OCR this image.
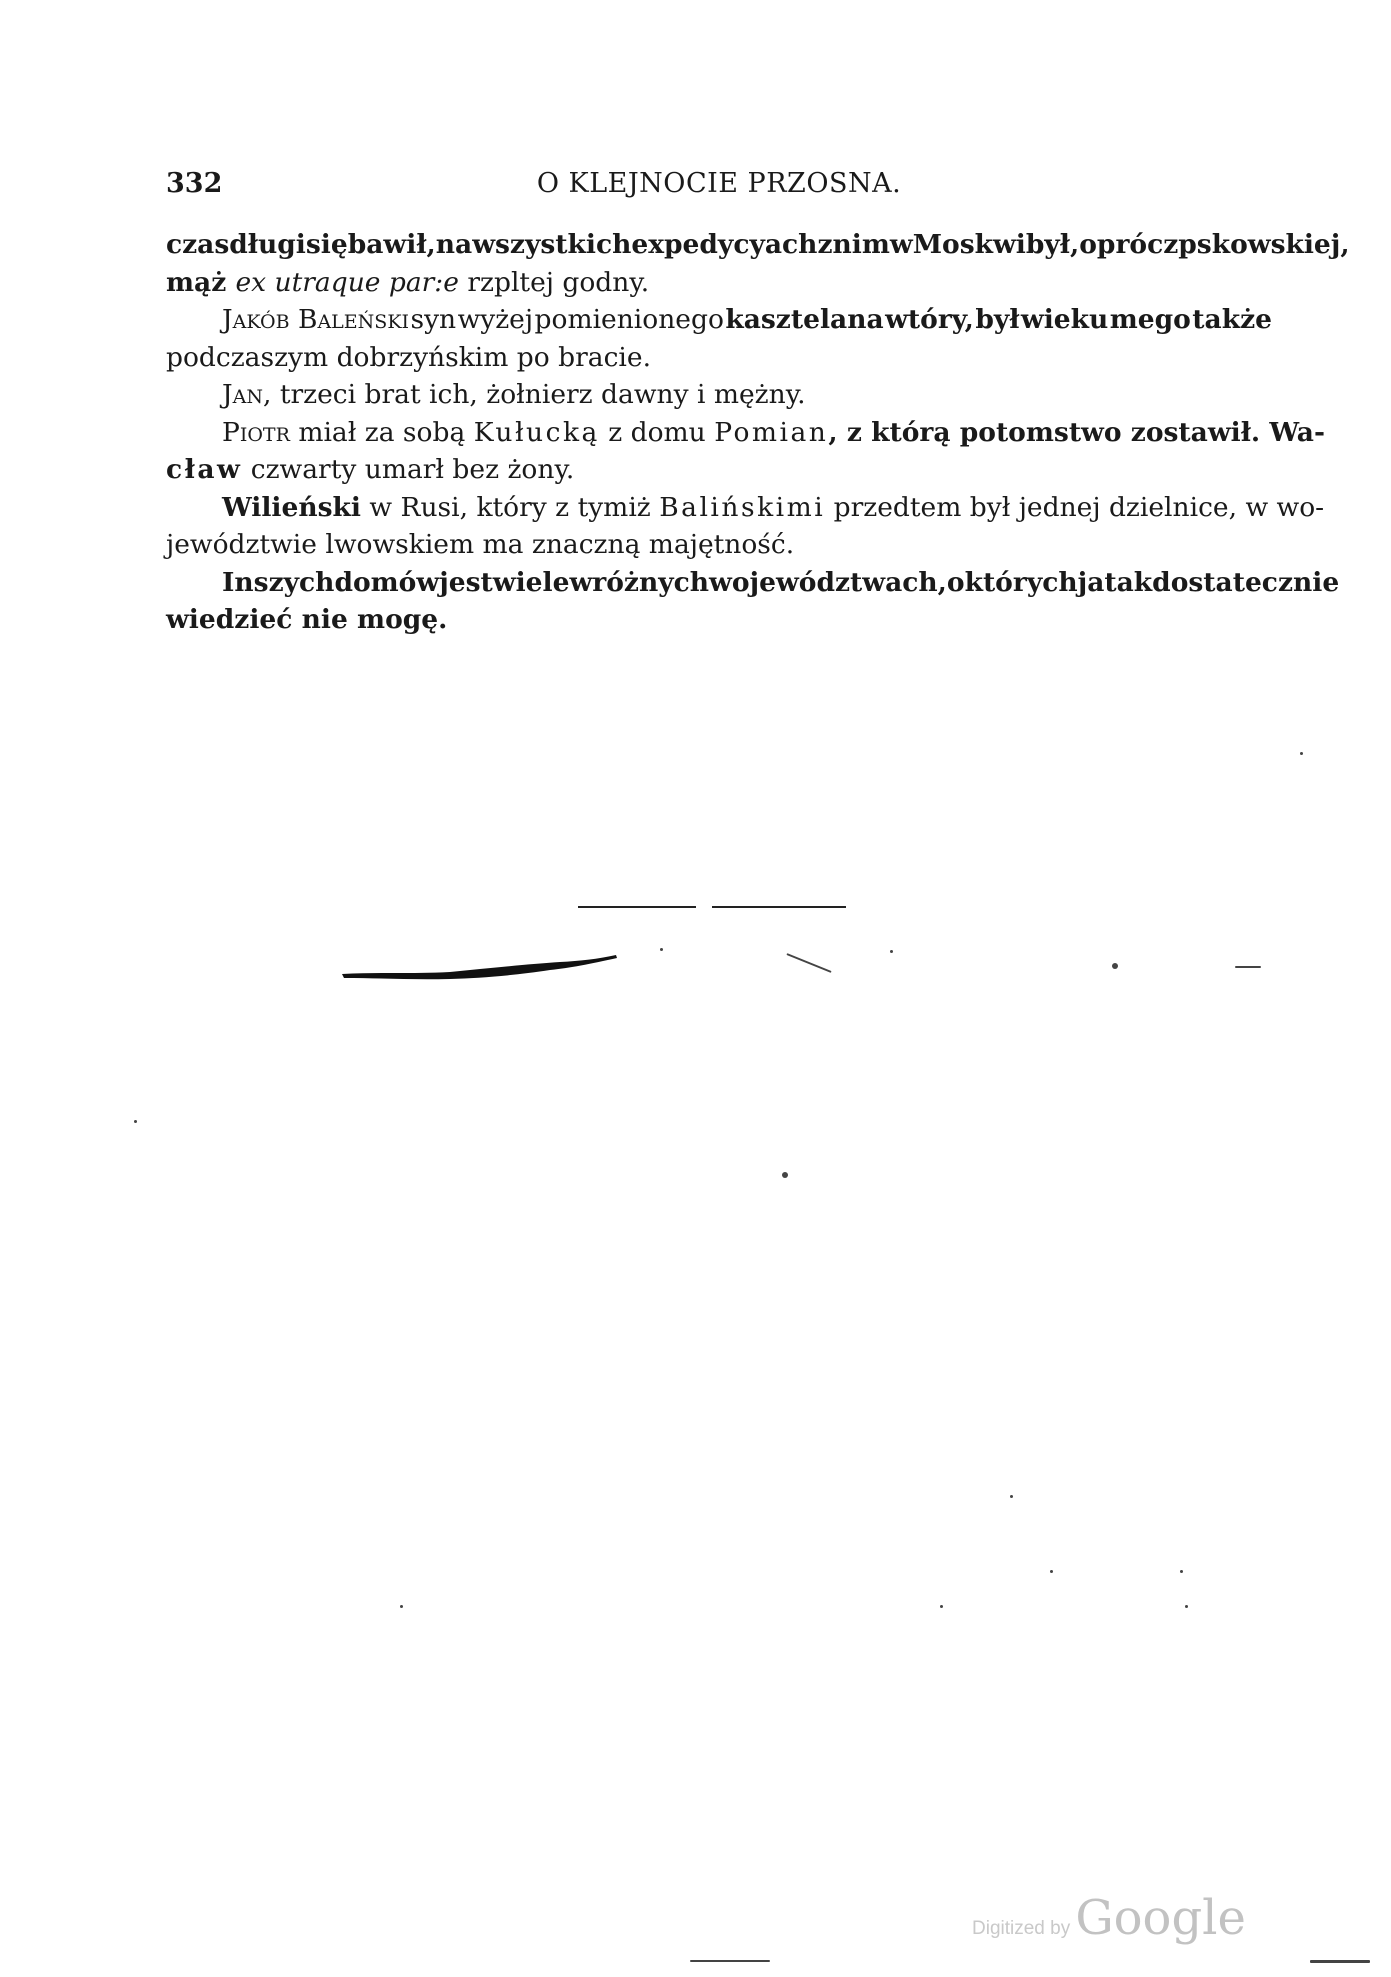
332	O KLEJNOCIE PRZOSNA.
czas długi się bawił, na wszystkich expedycyach z nim w Moskwi był, oprócz pskowskiej,
mąż ex utraque par:e rzpltej godny.
Jakób Baleński syn wyżej pomienionego kasztelana wtóry, był wieku mego także
podczaszym dobrzyńskim po bracie.
Jan, trzeci brat ich, żołnierz dawny i mężny.
Piotr miał za sobą Kułucką z domu Pomian, z którą potomstwo zostawił. Wa-
cław czwarty umarł bez żony.
Wilieński w Rusi, który z tymiż Balińskimi przedtem był jednej dzielnice, w wo-
jewództwie lwowskiem ma znaczną majętność.
Inszych domów jest wiele w różnych województwach, o których ja tak dostatecznie
wiedzieć nie mogę.
Digitized by Google
